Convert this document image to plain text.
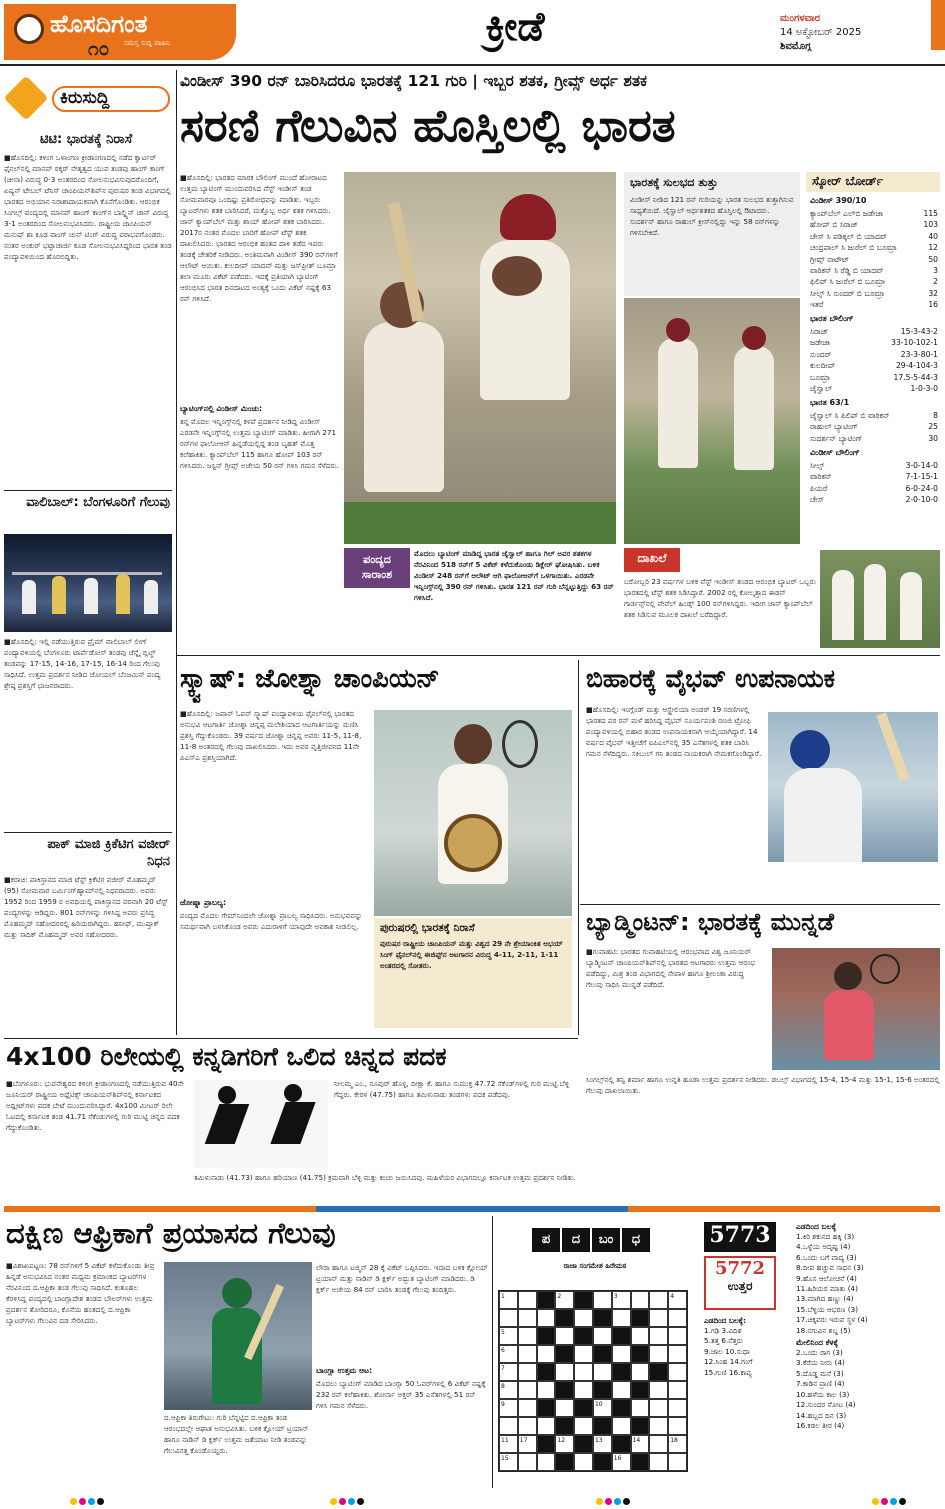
ಹೊಸದಿಗಂತ
೧೦ ಸಮಸ್ತ ಸುದ್ದಿ ವಾಹಿನಿ	ಕ್ರೀಡೆ	ಮಂಗಳವಾರ
14 ಅಕ್ಟೋಬರ್ 2025
ಶಿವಮೊಗ್ಗ
ಕಿರುಸುದ್ದಿ
ಟಿಟಿ: ಭಾರತಕ್ಕೆ ನಿರಾಸೆ
■ಹೊಸದಿಲ್ಲಿ: ಕಳಿಂಗ ಒಳಾಂಗಣ ಕ್ರೀಡಾಂಗಣದಲ್ಲಿ ನಡೆದ ಕ್ವಾರ್ಟರ್ ಫೈನಲ್‌ನಲ್ಲಿ ಮಾನವ್ ಠಕ್ಕರ್ ನೇತೃತ್ವದ ಯುವ ತಂಡವು ಹಾಂಗ್ ಕಾಂಗ್ (ಚೀನಾ) ವಿರುದ್ಧ 0-3 ಅಂತರದಿಂದ ಸೋಲನುಭವಿಸುವುದರೊಂದಿಗೆ, ಏಷ್ಯನ್ ಟೇಬಲ್ ಟೆನಿಸ್ ಚಾಂಪಿಯನ್‌ಶಿಪ್‌ನ ಪುರುಷರ ತಂಡ ವಿಭಾಗದಲ್ಲಿ ಭಾರತದ ಅಭಿಯಾನ ನಿರಾಶಾದಾಯಕವಾಗಿ ಕೊನೆಗೊಂಡಿತು. ಆರಂಭಿಕ ಸಿಂಗಲ್ಸ್ ಪಂದ್ಯದಲ್ಲಿ ಮಾನವ್ ಹಾಂಗ್ ಕಾಂಗ್‌ನ ಬಾಲ್ಡ್ವಿನ್ ಚಾನ್ ವಿರುದ್ಧ 3-1 ಅಂತರದಿಂದ ಸೋಲನುಭವಿಸಿದರು. ರಾಷ್ಟ್ರೀಯ ಚಾಂಪಿಯನ್ ಮನುಷ್ ಶಾ ಕೂಡ ವಾಂಗ್ ಚುನ್ ಟಿಂಗ್ ವಿರುದ್ಧ ಪರಾಭವಗೊಂಡರು. ನಂತರ ಅಂಕುರ್ ಭಟ್ಟಾಚಾರ್ಜಿ ಕೂಡ ಸೋಲನುಭವಿಸಿದ್ದರಿಂದ ಭಾರತ ತಂಡ ಪಂದ್ಯಾವಳಿಯಿಂದ ಹೊರಬಿದ್ದಿತು.
ವಾಲಿಬಾಲ್: ಬೆಂಗಳೂರಿಗೆ ಗೆಲುವು
■ಹೊಸದಿಲ್ಲಿ: ಇಲ್ಲಿ ನಡೆಯುತ್ತಿರುವ ಪ್ರೈಮ್ ವಾಲಿಬಾಲ್ ಲೀಗ್ ಪಂದ್ಯಾವಳಿಯಲ್ಲಿ ಬೆಂಗಳೂರು ಟಾರ್ಪೆಡೋಸ್ ತಂಡವು ಚೆನ್ನೈ ಬ್ಲಿಟ್ಜ್ ತಂಡವನ್ನು 17-15, 14-16, 17-15, 16-14 ರಿಂದ ಗೆಲುವು ಸಾಧಿಸಿದೆ. ಉತ್ತಮ ಪ್ರದರ್ಶನ ನೀಡಿದ ಜೋಯಲ್ ಬೆಂಜಮಿನ್ ಪಂದ್ಯ ಶ್ರೇಷ್ಠ ಪ್ರಶಸ್ತಿಗೆ ಭಾಜನರಾದರು.
ಪಾಕ್ ಮಾಜಿ ಕ್ರಿಕೆಟಿಗ ವಜೀರ್ ನಿಧನ
■ಕರಾಚಿ: ಪಾಕಿಸ್ತಾನದ ಮಾಜಿ ಟೆಸ್ಟ್ ಕ್ರಿಕೆಟಿಗ ವಜೀರ್ ಮೊಹಮ್ಮದ್ (95) ಸೋಮವಾರ ಬರ್ಮಿಂಗ್‌ಹ್ಯಾಮ್‌ನಲ್ಲಿ ನಿಧನರಾದರು. ಅವರು 1952 ರಿಂದ 1959 ರ ಅವಧಿಯಲ್ಲಿ ಪಾಕಿಸ್ತಾನದ ಪರವಾಗಿ 20 ಟೆಸ್ಟ್ ಪಂದ್ಯಗಳನ್ನು ಆಡಿದ್ದರು. 801 ರನ್‌ಗಳನ್ನು ಗಳಿಸಿದ್ದ ಅವರು ಪ್ರಸಿದ್ಧ ಮೊಹಮ್ಮದ್ ಸಹೋದರರಲ್ಲಿ ಹಿರಿಯರಾಗಿದ್ದರು. ಹನೀಫ್, ಮುಷ್ತಾಕ್ ಮತ್ತು ಸಾದಿಕ್ ಮೊಹಮ್ಮದ್ ಅವರ ಸಹೋದರರು.
ವಿಂಡೀಸ್ 390 ರನ್ ಬಾರಿಸಿದರೂ ಭಾರತಕ್ಕೆ 121 ಗುರಿ | ಇಬ್ಬರ ಶತಕ, ಗ್ರೀವ್ಸ್ ಅರ್ಧ ಶತಕ
ಸರಣಿ ಗೆಲುವಿನ ಹೊಸ್ತಿಲಲ್ಲಿ ಭಾರತ
■ಹೊಸದಿಲ್ಲಿ: ಭಾರತದ ಮಾರಕ ಬೌಲಿಂಗ್ ಮುಂದೆ ಹೋರಾಟದ ಉತ್ತಮ ಬ್ಯಾಟಿಂಗ್ ಮುಂದುವರಿಸಿದ ವೆಸ್ಟ್ ಇಂಡೀಸ್ ತಂಡ ಸೋಮವಾರವೂ ಒಂದಿಷ್ಟು ಪ್ರತಿರೋಧವನ್ನು ಮಾಡಿತು. ಇಬ್ಬರು ಬ್ಯಾಟರ್‌ಗಳು ಶತಕ ಬಾರಿಸಿದರೆ, ಮತ್ತೊಬ್ಬ ಅರ್ಧ ಶತಕ ಗಳಿಸಿದರು. ಜಾನ್ ಕ್ಯಾಂಪ್‌ಬೆಲ್ ಮತ್ತು ಶಾಯ್ ಹೋಪ್ ಶತಕ ಬಾರಿಸಿದರು. 2017ರ ನಂತರ ಮೊದಲ ಬಾರಿಗೆ ಹೋಪ್ ಟೆಸ್ಟ್ ಶತಕ ದಾಖಲಿಸಿದರು. ಭಾರತದ ಆರಂಭಿಕ ಹಂತದ ದಾಳಿ ತಡೆದ ಇವರು ತಂಡಕ್ಕೆ ಚೇತರಿಕೆ ನೀಡಿದರು. ಅಂತಿಮವಾಗಿ ವಿಂಡೀಸ್ 390 ರನ್‌ಗಳಿಗೆ ಆಲೌಟ್ ಆಯಿತು. ಕುಲದೀಪ್ ಯಾದವ್ ಮತ್ತು ಜಸ್‌ಪ್ರೀತ್ ಬೂಮ್ರಾ ತಲಾ ಮೂರು ವಿಕೆಟ್ ಪಡೆದರು. ಇದಕ್ಕೆ ಪ್ರತಿಯಾಗಿ ಬ್ಯಾಟಿಂಗ್ ಆರಂಭಿಸಿದ ಭಾರತ ದಿನದಾಟದ ಅಂತ್ಯಕ್ಕೆ ಒಂದು ವಿಕೆಟ್ ನಷ್ಟಕ್ಕೆ 63 ರನ್ ಗಳಿಸಿದೆ.
ಬ್ಯಾಟಿಂಗ್‌ನಲ್ಲಿ ವಿಂಡೀಸ್ ಮಿಂಚು:
ತನ್ನ ಮೊದಲ ಇನ್ನಿಂಗ್ಸ್‌ನಲ್ಲಿ ಕಳಪೆ ಪ್ರದರ್ಶನ ನೀಡಿದ್ದ ವಿಂಡೀಸ್ ಎರಡನೇ ಇನ್ನಿಂಗ್ಸ್‌ನಲ್ಲಿ ಉತ್ತಮ ಬ್ಯಾಟಿಂಗ್ ಮಾಡಿತು. ಹೀಗಾಗಿ 271 ರನ್‌ಗಳ ಫಾಲೋಆನ್ ಹಿನ್ನಡೆಯಲ್ಲಿದ್ದ ತಂಡ ಬೃಹತ್ ಮೊತ್ತ ಕಲೆಹಾಕಿತು. ಕ್ಯಾಂಪ್‌ಬೆಲ್ 115 ಹಾಗೂ ಹೋಪ್ 103 ರನ್ ಗಳಿಸಿದರು. ಜಸ್ಟಿನ್ ಗ್ರೀವ್ಸ್ ಅಜೇಯ 50 ರನ್ ಗಳಿಸಿ ಗಮನ ಸೆಳೆದರು.
ಭಾರತಕ್ಕೆ ಸುಲಭದ ತುತ್ತು
ವಿಂಡೀಸ್ ನೀಡಿದ 121 ರನ್ ಗುರಿಯನ್ನು ಭಾರತ ಸುಲಭದ ತುತ್ತಾಗಿಸುವ ಸಾಧ್ಯತೆಯಿದೆ. ಜೈಸ್ವಾಲ್ ಅರ್ಧಶತಕದ ಹೊಸ್ತಿಲಲ್ಲಿ ಔಟಾದರು. ಸುದರ್ಶನ್ ಹಾಗೂ ರಾಹುಲ್ ಕ್ರೀಸ್‌ನಲ್ಲಿದ್ದು ಇನ್ನು 58 ರನ್‌ಗಳನ್ನು ಗಳಿಸಬೇಕಿದೆ.
ಸ್ಕೋರ್ ಬೋರ್ಡ್
ವಿಂಡೀಸ್ 390/10
ಕ್ಯಾಂಪ್‌ಬೆಲ್ ಎಲ್‌ಬಿ ಜಡೇಜಾ	115
ಹೋಪ್ ಬಿ ಸಿರಾಜ್	103
ಚೇಸ್ ಸಿ ಪಡಿಕ್ಕಲ್ ಬಿ ಯಾದವ್	40
ಚಂದ್ರಪಾಲ್ ಸಿ ಜುರೆಲ್ ಬಿ ಬೂಮ್ರಾ	12
ಗ್ರೀವ್ಸ್ ನಾಟೌಟ್	50
ವಾರಿಕನ್ ಸಿ ರೆಡ್ಡಿ ಬಿ ಯಾದವ್	3
ಫಿಲಿಪ್ ಸಿ ಜುರೆಲ್ ಬಿ ಬೂಮ್ರಾ	2
ಸೀಲ್ಸ್ ಸಿ ಸುಂದರ್ ಬಿ ಬೂಮ್ರಾ	32
ಇತರೆ	16
ಭಾರತ ಬೌಲಿಂಗ್
ಸಿರಾಜ್	15-3-43-2
ಜಡೇಜಾ	33-10-102-1
ಸುಂದರ್	23-3-80-1
ಕುಲದೀಪ್	29-4-104-3
ಬೂಮ್ರಾ	17.5-5-44-3
ಜೈಸ್ವಾಲ್	1-0-3-0
ಭಾರತ 63/1
ಜೈಸ್ವಾಲ್ ಸಿ ಪಿಲಿಪ್ ಬಿ ವಾರಿಕನ್	8
ರಾಹುಲ್ ಬ್ಯಾಟಿಂಗ್	25
ಸುದರ್ಶನ್ ಬ್ಯಾಟಿಂಗ್	30
ವಿಂಡೀಸ್ ಬೌಲಿಂಗ್
ಸೀಲ್ಸ್	3-0-14-0
ವಾರಿಕನ್	7-1-15-1
ಪಿಯರೆ	6-0-24-0
ಚೇಸ್	2-0-10-0
ಪಂದ್ಯದ ಸಾರಾಂಶ
ಮೊದಲು ಬ್ಯಾಟಿಂಗ್ ಮಾಡಿದ್ದ ಭಾರತ ಜೈಸ್ವಾಲ್ ಹಾಗೂ ಗಿಲ್ ಅವರ ಶತಕಗಳ ನೆರವಿನಿಂದ 518 ರನ್‌ಗೆ 5 ವಿಕೆಟ್ ಕಳೆದುಕೊಂಡು ಡಿಕ್ಲೇರ್ ಘೋಷಿಸಿತು. ಬಳಿಕ ವಿಂಡೀಸ್ 248 ರನ್‌ಗೆ ಆಲೌಟ್ ಆಗಿ ಫಾಲೋಆನ್‌ಗೆ ಒಳಗಾಯಿತು. ಎರಡನೇ ಇನ್ನಿಂಗ್ಸ್‌ನಲ್ಲಿ 390 ರನ್ ಗಳಿಸಿತು. ಭಾರತ 121 ರನ್ ಗುರಿ ಬೆನ್ನಟ್ಟುತ್ತಿದ್ದು 63 ರನ್ ಗಳಿಸಿದೆ.
ದಾಖಲೆ
ಬರೋಬ್ಬರಿ 23 ವರ್ಷಗಳ ಬಳಿಕ ವೆಸ್ಟ್ ಇಂಡೀಸ್ ತಂಡದ ಆರಂಭಿಕ ಬ್ಯಾಟರ್ ಒಬ್ಬರು ಭಾರತದಲ್ಲಿ ಟೆಸ್ಟ್ ಶತಕ ಸಿಡಿಸಿದ್ದಾರೆ. 2002 ರಲ್ಲಿ ಕೋಲ್ಕತ್ತಾದ ಈಡನ್ ಗಾರ್ಡನ್ಸ್‌ನಲ್ಲಿ ವೇವೆಲ್ ಹಿಂಡ್ಸ್ 100 ರನ್‌ಗಳಿಸಿದ್ದರು. ಇದೀಗ ಜಾನ್ ಕ್ಯಾಂಪ್‌ಬೆಲ್ ಶತಕ ಸಿಡಿಸುವ ಮೂಲಕ ದಾಖಲೆ ಬರೆದಿದ್ದಾರೆ.
ಸ್ಕ್ವಾಷ್: ಜೋಶ್ನಾ ಚಾಂಪಿಯನ್
■ಹೊಸದಿಲ್ಲಿ: ಜಪಾನ್ ಓಪನ್ ಸ್ಕ್ವಾಷ್ ಪಂದ್ಯಾವಳಿಯ ಫೈನಲ್‌ನಲ್ಲಿ ಭಾರತದ ಅನುಭವಿ ಆಟಗಾರ್ತಿ ಜೋಶ್ನಾ ಚಿನ್ನಪ್ಪ ಮಲೇಶಿಯಾದ ಆಟಗಾರ್ತಿಯನ್ನು ಮಣಿಸಿ ಪ್ರಶಸ್ತಿ ಗೆದ್ದುಕೊಂಡರು. 39 ವರ್ಷದ ಜೋಶ್ನಾ ಚಿನ್ನಪ್ಪ ಅವರು 11-5, 11-8, 11-8 ಅಂತರದಲ್ಲಿ ಗೆಲುವು ದಾಖಲಿಸಿದರು. ಇದು ಅವರ ವೃತ್ತಿಜೀವನದ 11ನೇ ಪಿಎಸ್‌ಎ ಪ್ರಶಸ್ತಿಯಾಗಿದೆ.
ಜೋಷ್ನಾ ಪ್ರಾಬಲ್ಯ:
ಪಂದ್ಯದ ಮೊದಲ ಗೇಮ್‌ನಿಂದಲೇ ಜೋಶ್ನಾ ಪ್ರಾಬಲ್ಯ ಸಾಧಿಸಿದರು. ಅನುಭವವನ್ನು ಸಮರ್ಥವಾಗಿ ಬಳಸಿಕೊಂಡ ಅವರು ಎದುರಾಳಿಗೆ ಯಾವುದೇ ಅವಕಾಶ ನೀಡಲಿಲ್ಲ.	ಪುರುಷರಲ್ಲಿ ಭಾರತಕ್ಕೆ ನಿರಾಸೆ
ಪುರುಷರ ರಾಷ್ಟ್ರೀಯ ಚಾಂಪಿಯನ್ ಮತ್ತು ವಿಶ್ವದ 29 ನೇ ಶ್ರೇಯಾಂಕಿತ ಅಭಯ್ ಸಿಂಗ್ ಫೈನಲ್‌ನಲ್ಲಿ ಈಜಿಪ್ಟ್‌ನ ಆಟಗಾರನ ವಿರುದ್ಧ 4-11, 2-11, 1-11 ಅಂತರದಲ್ಲಿ ಸೋತರು.
ಬಿಹಾರಕ್ಕೆ ವೈಭವ್ ಉಪನಾಯಕ
■ಹೊಸದಿಲ್ಲಿ: ಇಂಗ್ಲೆಂಡ್ ಮತ್ತು ಆಸ್ಟ್ರೇಲಿಯಾ ಅಂಡರ್ 19 ಸರಣಿಗಳಲ್ಲಿ ಭಾರತದ ಪರ ರನ್ ಮಳೆ ಹರಿಸಿದ್ದ ವೈಭವ್ ಸೂರ್ಯವಂಶಿ ರಣಜಿ ಟ್ರೋಫಿ ಪಂದ್ಯಾವಳಿಯಲ್ಲಿ ಬಿಹಾರ ತಂಡದ ಉಪನಾಯಕನಾಗಿ ಆಯ್ಕೆಯಾಗಿದ್ದಾರೆ. 14 ವರ್ಷದ ವೈಭವ್ ಇತ್ತೀಚೆಗೆ ಐಪಿಎಲ್‌ನಲ್ಲಿ 35 ಎಸೆತಗಳಲ್ಲಿ ಶತಕ ಬಾರಿಸಿ ಗಮನ ಸೆಳೆದಿದ್ದರು. ಸಕಿಬುಲ್ ಗನಿ ತಂಡದ ನಾಯಕರಾಗಿ ನೇಮಕಗೊಂಡಿದ್ದಾರೆ.
ಬ್ಯಾಡ್ಮಿಂಟನ್: ಭಾರತಕ್ಕೆ ಮುನ್ನಡೆ
■ಗುವಾಹಟಿ: ಭಾರತದ ಗುವಾಹಟಿಯಲ್ಲಿ ಆರಂಭವಾದ ವಿಶ್ವ ಜೂನಿಯರ್ ಬ್ಯಾಡ್ಮಿಂಟನ್ ಚಾಂಪಿಯನ್‌ಶಿಪ್‌ನಲ್ಲಿ ಭಾರತದ ಆಟಗಾರರು ಉತ್ತಮ ಆರಂಭ ಪಡೆದಿದ್ದು, ಮಿಶ್ರ ತಂಡ ವಿಭಾಗದಲ್ಲಿ ನೇಪಾಳ ಹಾಗೂ ಶ್ರೀಲಂಕಾ ವಿರುದ್ಧ ಗೆಲುವು ಸಾಧಿಸಿ ಮುನ್ನಡೆ ಪಡೆದಿದೆ.
ಸಿಂಗಲ್ಸ್‌ನಲ್ಲಿ ತನ್ವಿ ಶರ್ಮಾ ಹಾಗೂ ಉನ್ನತಿ ಹೂಡಾ ಉತ್ತಮ ಪ್ರದರ್ಶನ ನೀಡಿದರು. ಡಬಲ್ಸ್ ವಿಭಾಗದಲ್ಲಿ 15-4, 15-4 ಮತ್ತು 15-1, 15-6 ಅಂತರದಲ್ಲಿ ಗೆಲುವು ದಾಖಲಾಯಿತು.
4x100 ರಿಲೇಯಲ್ಲಿ ಕನ್ನಡಿಗರಿಗೆ ಒಲಿದ ಚಿನ್ನದ ಪದಕ
■ಬೆಂಗಳೂರು: ಭುವನೇಶ್ವರದ ಕಳಿಂಗ ಕ್ರೀಡಾಂಗಣದಲ್ಲಿ ನಡೆಯುತ್ತಿರುವ 40ನೇ ಜೂನಿಯರ್ ರಾಷ್ಟ್ರೀಯ ಅಥ್ಲೆಟಿಕ್ಸ್ ಚಾಂಪಿಯನ್‌ಶಿಪ್‌ನಲ್ಲಿ ಕರ್ನಾಟಕದ ಅಥ್ಲೀಟ್‌ಗಳು ಪದಕ ಬೇಟೆ ಮುಂದುವರಿಸಿದ್ದಾರೆ. 4x100 ಮೀಟರ್ ರಿಲೇ ಓಟದಲ್ಲಿ ಕರ್ನಾಟಕ ತಂಡ 41.71 ಸೆಕೆಂಡುಗಳಲ್ಲಿ ಗುರಿ ಮುಟ್ಟಿ ಚಿನ್ನದ ಪದಕ ಗೆದ್ದುಕೊಂಡಿತು.
ತಮಿಳುನಾಡು (41.73) ಹಾಗೂ ಹರಿಯಾಣ (41.75) ಕ್ರಮವಾಗಿ ಬೆಳ್ಳಿ ಮತ್ತು ಕಂಚು ಜಯಿಸಿದವು. ಮಹಿಳೆಯರ ವಿಭಾಗದಲ್ಲೂ ಕರ್ನಾಟಕ ಉತ್ತಮ ಪ್ರದರ್ಶನ ನೀಡಿತು.
ನೀಲಮ್ಮ ಎಂ., ನೂಪುರ್ ಹೊಳ್ಳ, ದೀಕ್ಷಾ ಕೆ. ಹಾಗೂ ಸುಮುಕ್ತ 47.72 ಸೆಕೆಂಡ್‌ಗಳಲ್ಲಿ ಗುರಿ ಮುಟ್ಟಿ ಬೆಳ್ಳಿ ಗೆದ್ದರು. ಕೇರಳ (47.75) ಹಾಗೂ ತಮಿಳುನಾಡು ತಂಡಗಳು ಪದಕ ಪಡೆದವು.
ದಕ್ಷಿಣ ಆಫ್ರಿಕಾಗೆ ಪ್ರಯಾಸದ ಗೆಲುವು
■ವಿಶಾಖಪಟ್ಟಣ: 78 ರನ್‌ಗಳಿಗೆ 5 ವಿಕೆಟ್ ಕಳೆದುಕೊಂಡು ತೀವ್ರ ಹಿನ್ನಡೆ ಅನುಭವಿಸಿದ ನಂತರ ಮಧ್ಯಮ ಕ್ರಮಾಂಕದ ಬ್ಯಾಟರ್‌ಗಳ ನೆರವಿನಿಂದ ದ.ಆಫ್ರಿಕಾ ತಂಡ ಗೆಲುವು ಸಾಧಿಸಿದೆ. ಕುತೂಹಲ ಕೆರಳಿಸಿದ್ದ ಪಂದ್ಯದಲ್ಲಿ ಬಾಂಗ್ಲಾದೇಶ ತಂಡದ ಬೌಲರ್‌ಗಳು ಉತ್ತಮ ಪ್ರದರ್ಶನ ತೋರಿದರೂ, ಕೊನೆಯ ಹಂತದಲ್ಲಿ ದ.ಆಫ್ರಿಕಾ ಬ್ಯಾಟರ್‌ಗಳು ಗೆಲುವಿನ ದಡ ಸೇರಿಸಿದರು.
ದ.ಆಫ್ರಿಕಾ ತಿರುಗೇಟು: ಗುರಿ ಬೆನ್ನಟ್ಟಿದ ದ.ಆಫ್ರಿಕಾ ತಂಡ ಆರಂಭದಲ್ಲೇ ಆಘಾತ ಅನುಭವಿಸಿತು. ಬಳಿಕ ಕ್ಲೋಯ್ ಟ್ರಯಾನ್ ಹಾಗೂ ನಾಡಿನ್ ಡಿ ಕ್ಲರ್ಕ್ ಉತ್ತಮ ಜತೆಯಾಟ ನೀಡಿ ತಂಡವನ್ನು ಗೆಲುವಿನತ್ತ ಕೊಂಡೊಯ್ದರು.
ಲೌರಾ ಹಾಗೂ ಟಜ್ಮಿನ್ 28 ಕ್ಕೆ ವಿಕೆಟ್ ಒಪ್ಪಿಸಿದರು. ಇದಾದ ಬಳಿಕ ಕ್ಲೋಯ್ ಟ್ರಯಾನ್ ಮತ್ತು ನಾಡಿನ್ ಡಿ ಕ್ಲರ್ಕ್ ಅದ್ಭುತ ಬ್ಯಾಟಿಂಗ್ ಮಾಡಿದರು. ಡಿ ಕ್ಲರ್ಕ್ ಅಜೇಯ 84 ರನ್ ಬಾರಿಸಿ ತಂಡಕ್ಕೆ ಗೆಲುವು ತಂದಿತ್ತರು.
ಬಾಂಗ್ಲಾ ಉತ್ತಮ ಆಟ:
ಮೊದಲು ಬ್ಯಾಟಿಂಗ್ ಮಾಡಿದ ಬಾಂಗ್ಲಾ 50 ಓವರ್‌ಗಳಲ್ಲಿ 6 ವಿಕೆಟ್ ನಷ್ಟಕ್ಕೆ 232 ರನ್ ಕಲೆಹಾಕಿತು. ಶೋರ್ನಾ ಅಕ್ತರ್ 35 ಎಸೆತಗಳಲ್ಲಿ 51 ರನ್ ಗಳಿಸಿ ಗಮನ ಸೆಳೆದರು.
ಪ	ದ	ಬಂ	ಧ
ರಾಜಾ ಸಂಗಮೇಶ ಹಿರೇಮಠ
1	2	3	4
5
6
7
8
9	10
11	17	12	13	14	18
15	16
5773
5772
ಉತ್ತರ
ಎಡದಿಂದ ಬಲಕ್ಕೆ:
1.ಗಢಿ 3.ವಿದಿಶ
5.ತತ್ತ 6.ನೆತ್ತರು
9.ಜಾಲ 10.ಸುಧಾ
12.ಸಿಂಹ 14.ಗಂಗೆ
15.ಗುಣಿ 16.ಕಾವ್ಯ
ಎಡದಿಂದ ಬಲಕ್ಕೆ
1.ಕಿರಿ ಶಕುನದ ಹಕ್ಕಿ (3)
4.ಒಳ್ಳೆಯ ಅದೃಷ್ಟ (4)
6.ಒಂದು ಬಗೆ ವಾದ್ಯ (3)
8.ದೀಪ ಹಚ್ಚುವ ಸಾಧನ (3)
9.ಹೊಸ ಆಲೋಚನೆ (4)
11.ಹಿರಿಯರ ಮಾತು (4)
13.ಮಾಗಿದ ಹಣ್ಣು (4)
15.ಬೆಳ್ಳಿಯ ಆಭರಣ (3)
17.ಚಿಕ್ಕವರು ಇರುವ ಸ್ಥಳ (4)
18.ನಗುವಿನ ಶಬ್ದ (5)
ಮೇಲಿನಿಂದ ಕೆಳಕ್ಕೆ
2.ಒಂದು ರಾಗ (3)
3.ಕೆರೆಯ ನೀರು (4)
5.ದೊಡ್ಡ ಮನೆ (3)
7.ಕಾಡಿನ ಪ್ರಾಣಿ (4)
10.ಹಳೆಯ ಕಾಲ (3)
12.ಸುಂದರ ನೋಟ (4)
14.ಹಬ್ಬದ ದಿನ (3)
16.ಕಡಲ ತೀರ (4)
